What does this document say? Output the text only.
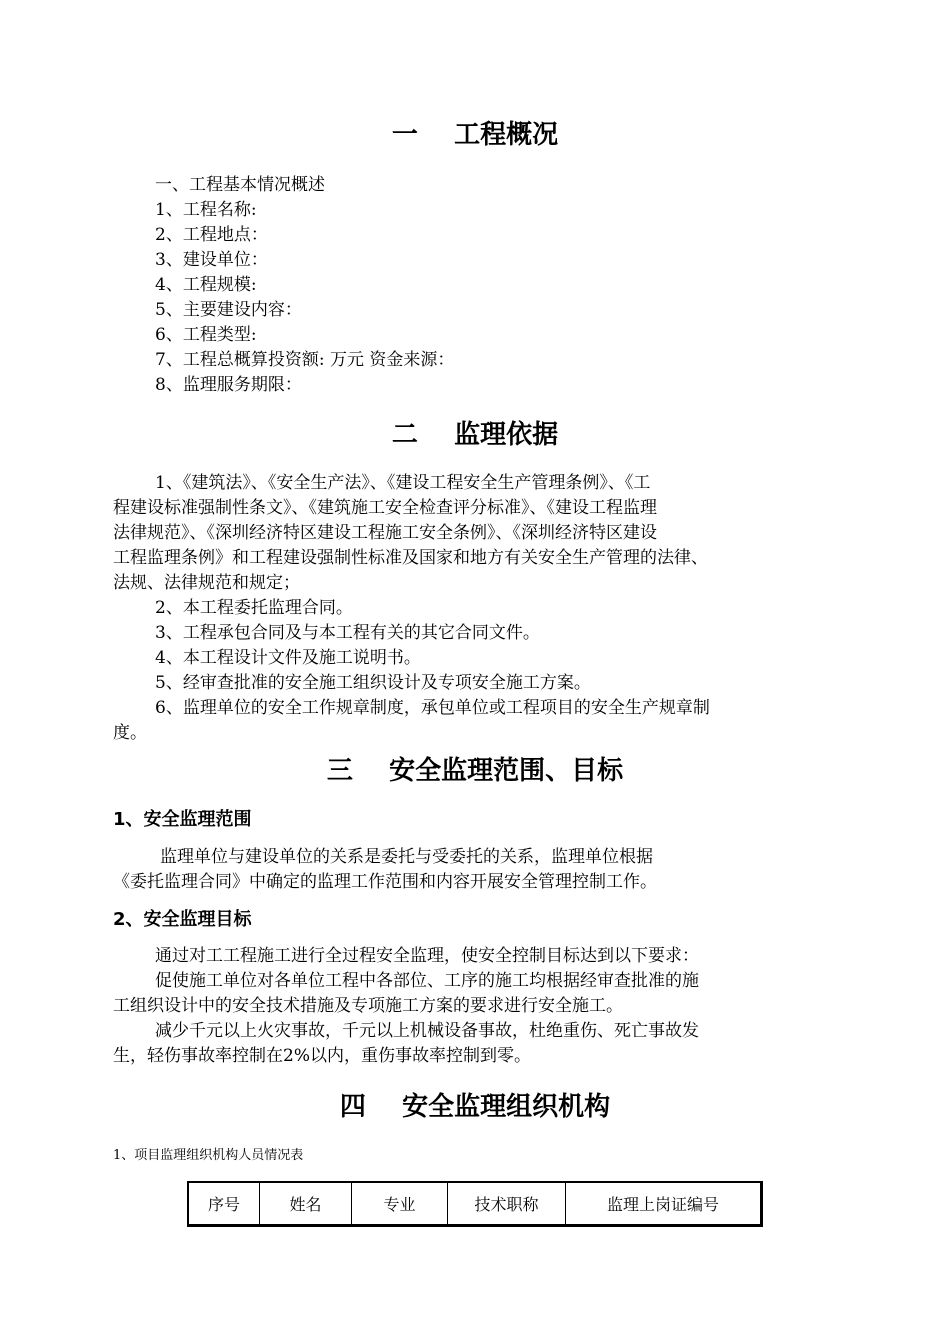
一    工程概况
一、工程基本情况概述
1、工程名称:
2、工程地点：
3、建设单位：
4、工程规模:
5、主要建设内容：
6、工程类型:
7、工程总概算投资额: 万元 资金来源：
8、监理服务期限：
二    监理依据
1、《建筑法》、《安全生产法》、《建设工程安全生产管理条例》、《工
程建设标准强制性条文》、《建筑施工安全检查评分标准》、《建设工程监理
法律规范》、《深圳经济特区建设工程施工安全条例》、《深圳经济特区建设
工程监理条例》和工程建设强制性标准及国家和地方有关安全生产管理的法律、
法规、法律规范和规定；
2、本工程委托监理合同。
3、工程承包合同及与本工程有关的其它合同文件。
4、本工程设计文件及施工说明书。
5、经审查批准的安全施工组织设计及专项安全施工方案。
6、监理单位的安全工作规章制度，承包单位或工程项目的安全生产规章制
度。
三    安全监理范围、目标
1、安全监理范围
监理单位与建设单位的关系是委托与受委托的关系，监理单位根据
《委托监理合同》中确定的监理工作范围和内容开展安全管理控制工作。
2、安全监理目标
通过对工工程施工进行全过程安全监理，使安全控制目标达到以下要求：
促使施工单位对各单位工程中各部位、工序的施工均根据经审查批准的施
工组织设计中的安全技术措施及专项施工方案的要求进行安全施工。
减少千元以上火灾事故，千元以上机械设备事故，杜绝重伤、死亡事故发
生，轻伤事故率控制在2%以内，重伤事故率控制到零。
四    安全监理组织机构
1、项目监理组织机构人员情况表
序号	姓名	专业	技术职称	监理上岗证编号
